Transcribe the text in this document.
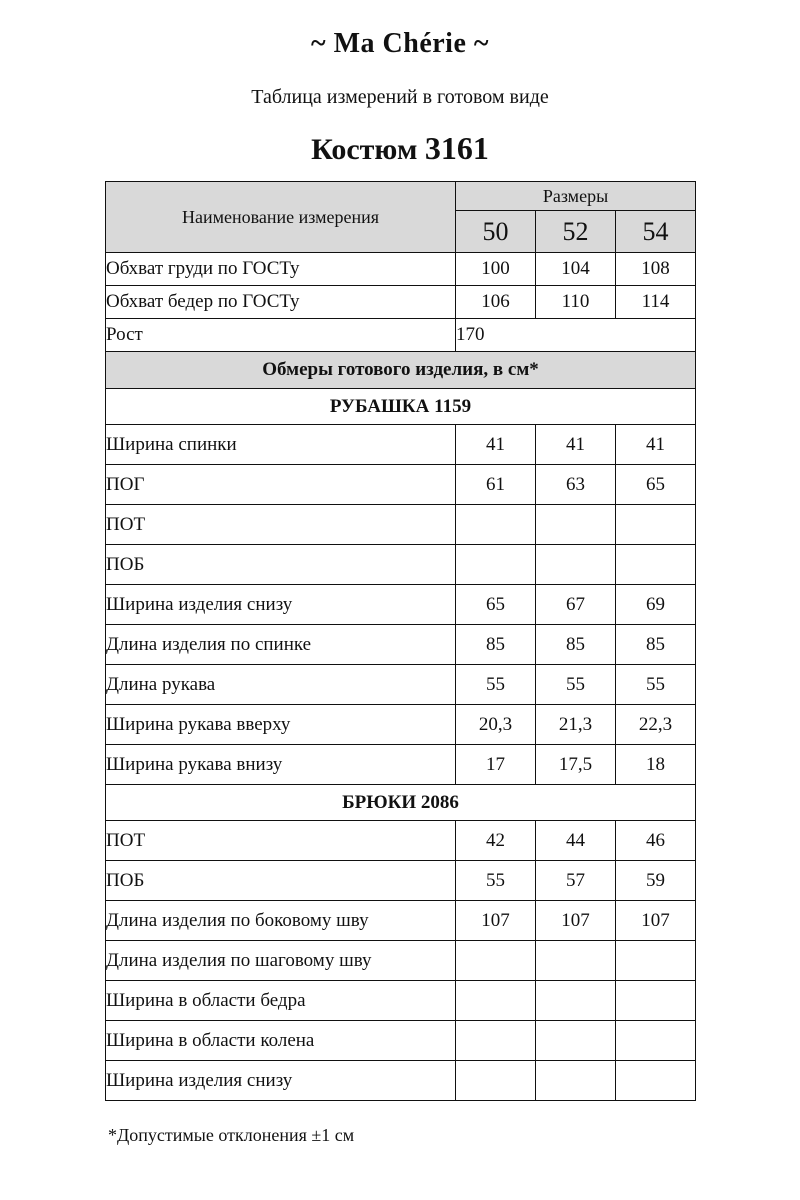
~ Ma Chérie ~
Таблица измерений в готовом виде
Костюм 3161
Наименование измерения	Размеры		
	50	52	54
Обхват груди по ГОСТу	100	104	108
Обхват бедер по ГОСТу	106	110	114
Рост	170		
Обмеры готового изделия, в см*			
РУБАШКА 1159			
Ширина спинки	41	41	41
ПОГ	61	63	65
ПОТ			
ПОБ			
Ширина изделия снизу	65	67	69
Длина изделия по спинке	85	85	85
Длина рукава	55	55	55
Ширина рукава вверху	20,3	21,3	22,3
Ширина рукава внизу	17	17,5	18
БРЮКИ 2086			
ПОТ	42	44	46
ПОБ	55	57	59
Длина изделия по боковому шву	107	107	107
Длина изделия по шаговому шву			
Ширина в области бедра			
Ширина в области колена			
Ширина изделия снизу			
*Допустимые отклонения ±1 см
